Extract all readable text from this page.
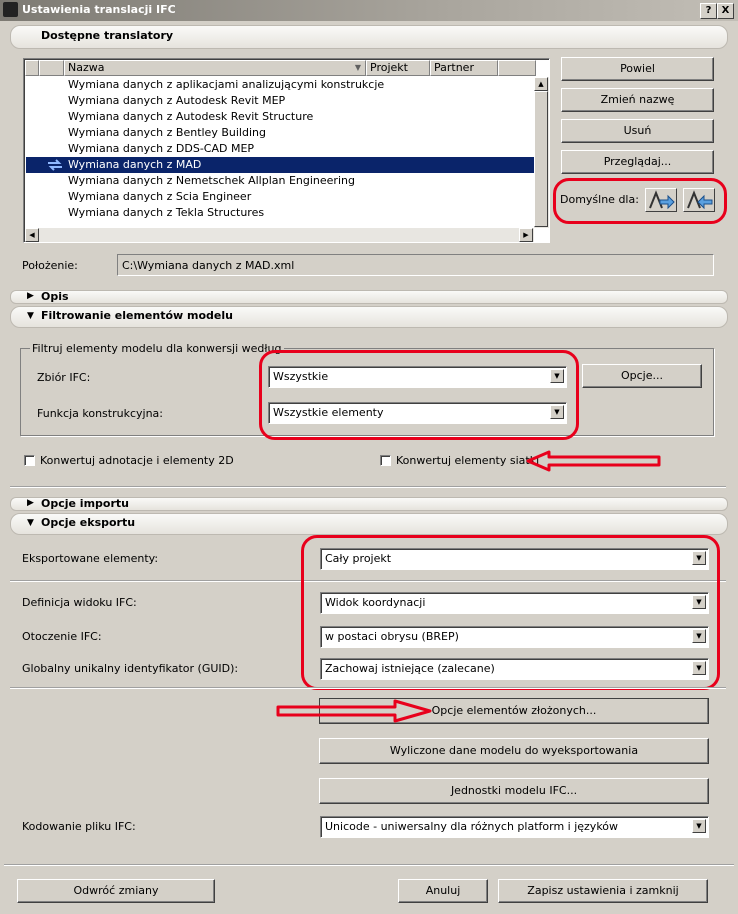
Ustawienia translacji IFC	?	X
Dostępne translatory
Nazwa	▼ Projekt	Partner
Wymiana danych z aplikacjami analizującymi konstrukcje
Wymiana danych z Autodesk Revit MEP
Wymiana danych z Autodesk Revit Structure
Wymiana danych z Bentley Building
Wymiana danych z DDS-CAD MEP
Wymiana danych z MAD
Wymiana danych z Nemetschek Allplan Engineering
Wymiana danych z Scia Engineer
Wymiana danych z Tekla Structures
▲
◀	▶
Powiel
Zmień nazwę
Usuń
Przeglądaj...
Domyślne dla:
Położenie:	C:\Wymiana danych z MAD.xml
▶ Opis
▼ Filtrowanie elementów modelu
Filtruj elementy modelu dla konwersji według
Zbiór IFC:	Wszystkie	▼	Opcje...
Funkcja konstrukcyjna:	Wszystkie elementy	▼
Konwertuj adnotacje i elementy 2D	Konwertuj elementy siatki
▶ Opcje importu
▼ Opcje eksportu
Eksportowane elementy:	Cały projekt	▼
Definicja widoku IFC:	Widok koordynacji	▼
Otoczenie IFC:	w postaci obrysu (BREP)	▼
Globalny unikalny identyfikator (GUID):	Zachowaj istniejące (zalecane)	▼
Opcje elementów złożonych...
Wyliczone dane modelu do wyeksportowania
Jednostki modelu IFC...
Kodowanie pliku IFC:	Unicode - uniwersalny dla różnych platform i języków	▼
Odwróć zmiany	Anuluj	Zapisz ustawienia i zamknij
